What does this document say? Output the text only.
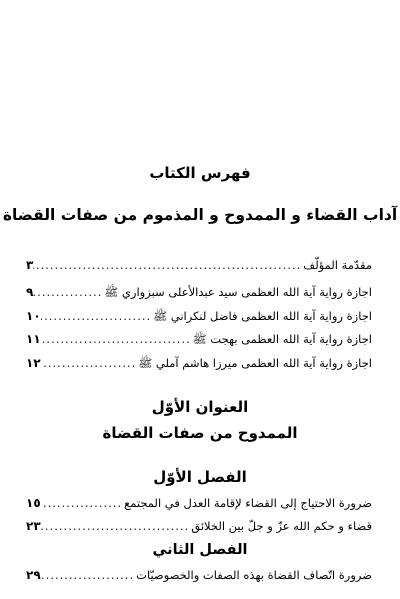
فهرس الكتاب
آداب القضاء و الممدوح و المذموم من صفات القضاة
مقدّمة المؤلّف
.....
٣
اجازة رواية آية الله العظمى سيد عبدالأعلى سبزواري ﷺ
.....
٩
اجازة رواية آية الله العظمى فاضل لنكراني ﷺ
.....
١٠
اجازة رواية آية الله العظمى بهجت ﷺ
.....
١١
اجازة رواية آية الله العظمى ميرزا هاشم آملي ﷺ
.....
١٢
العنوان الأوّل
الممدوح من صفات القضاة
الفصل الأوّل
ضرورة الاحتياج إلى القضاء لإقامة العدل في المجتمع
.....
١٥
قضاء و حكم الله عزّ و جلّ بين الخلائق
.....
٢٣
الفصل الثاني
ضرورة اتّصاف القضاة بهذه الصفات والخصوصيّات
.....
٢٩
